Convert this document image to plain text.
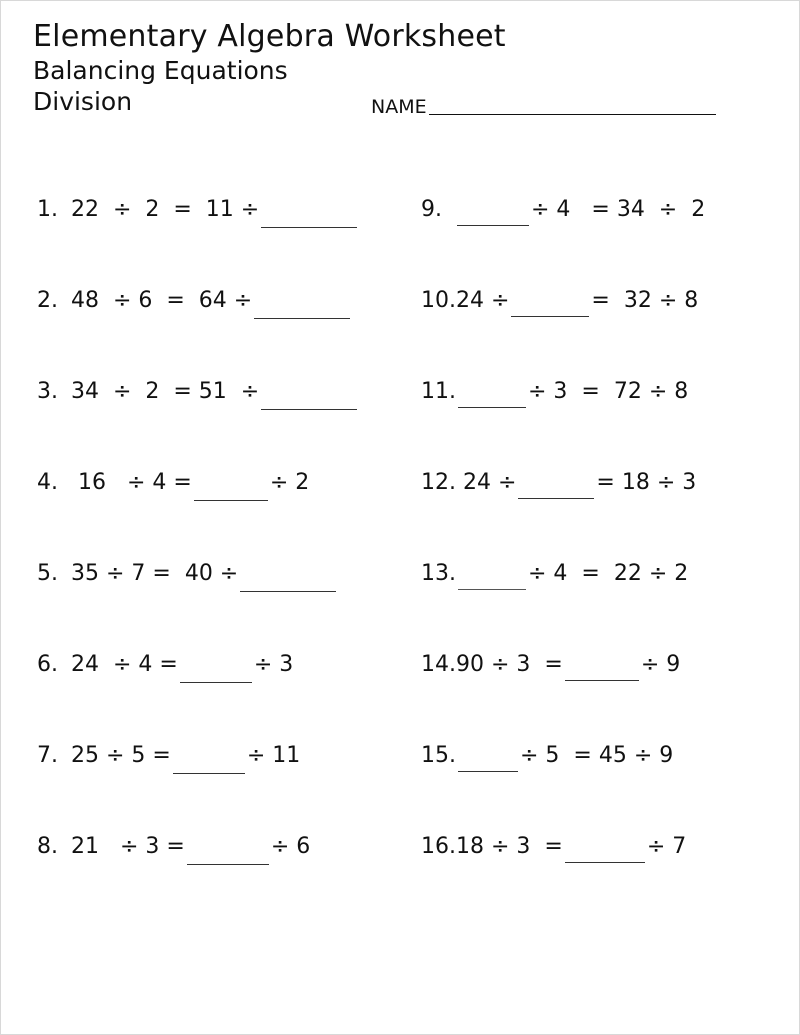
Elementary Algebra Worksheet
Balancing Equations
Division	NAME
1. 22  ÷  2  =  11 ÷	9.	÷ 4   = 34  ÷  2
2. 48  ÷ 6  =  64 ÷	10. 24 ÷	=  32 ÷ 8
3. 34  ÷  2  = 51  ÷	11.	÷ 3  =  72 ÷ 8
4. 16   ÷ 4 =	÷ 2	12. 24 ÷	= 18 ÷ 3
5. 35 ÷ 7 =  40 ÷	13.	÷ 4  =  22 ÷ 2
6. 24  ÷ 4 =	÷ 3	14. 90 ÷ 3  =	÷ 9
7. 25 ÷ 5 =	÷ 11	15.	÷ 5  = 45 ÷ 9
8. 21   ÷ 3 =	÷ 6	16. 18 ÷ 3  =	÷ 7
